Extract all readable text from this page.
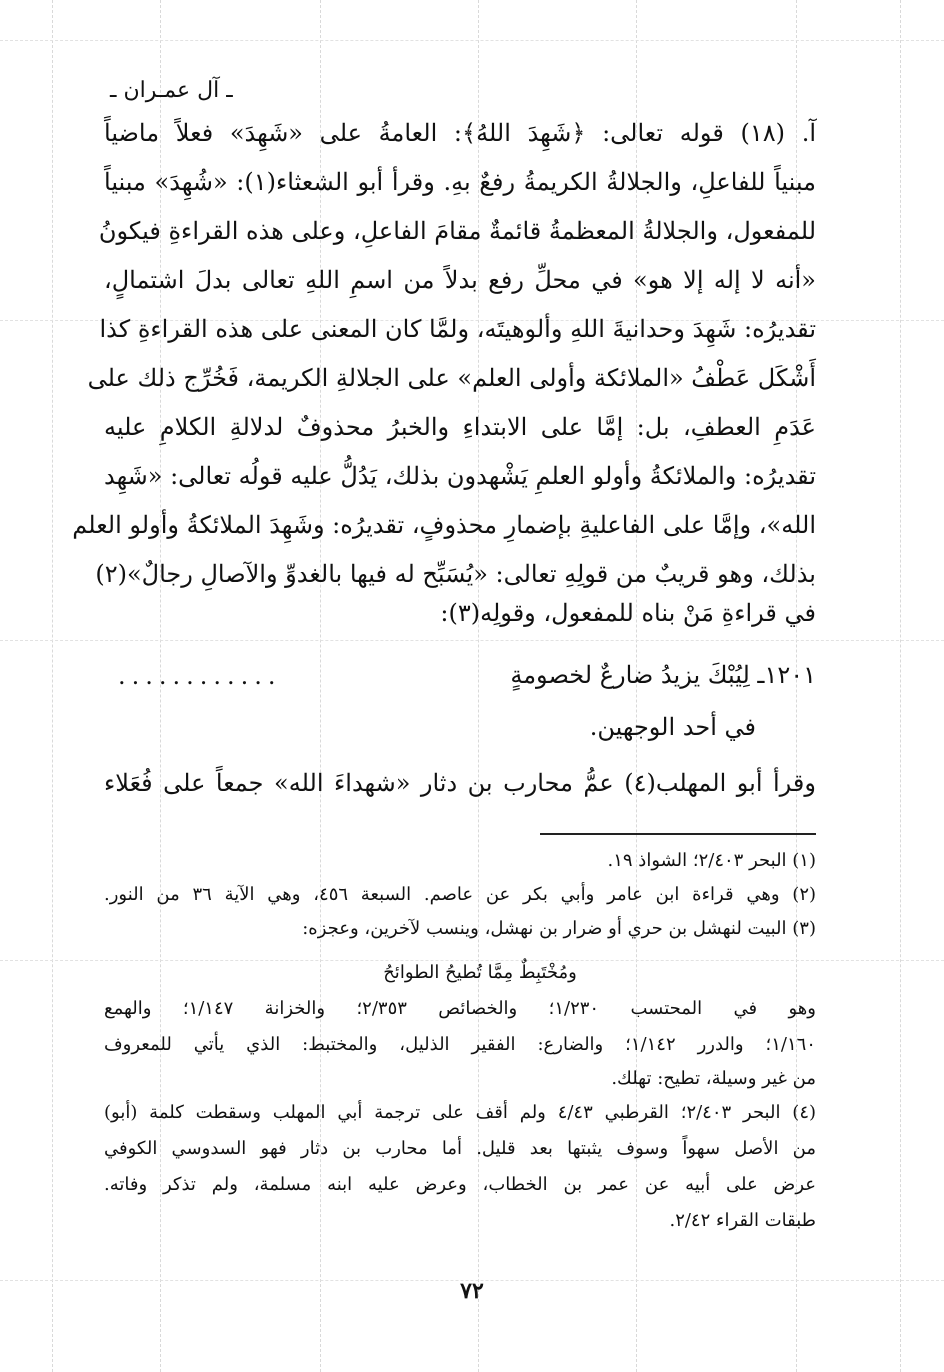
ـ آل عمـران ـ
آ. (١٨) قوله تعالى: ﴿شَهِدَ اللهُ﴾: العامةُ على «شَهِدَ» فعلاً ماضياً
مبنياً للفاعلِ، والجلالةُ الكريمةُ رفعٌ بهِ. وقرأ أبو الشعثاء(١): «شُهِدَ» مبنياً
للمفعول، والجلالةُ المعظمةُ قائمةٌ مقامَ الفاعلِ، وعلى هذه القراءةِ فيكونُ
«أنه لا إله إلا هو» في محلِّ رفع بدلاً من اسمِ اللهِ تعالى بدلَ اشتمالٍ،
تقديرُه: شَهِدَ وحدانيةَ اللهِ وألوهيتَه، ولمَّا كان المعنى على هذه القراءةِ كذا
أَشْكَل عَطْفُ «الملائكة وأولى العلم» على الجلالةِ الكريمة، فَخُرِّج ذلك على
عَدَمِ العطفِ، بل: إمَّا على الابتداءِ والخبرُ محذوفٌ لدلالةِ الكلامِ عليه
تقديرُه: والملائكةُ وأولو العلمِ يَشْهدون بذلك، يَدُلُّ عليه قولُه تعالى: «شَهِد
الله»، وإمَّا على الفاعليةِ بإضمارِ محذوفٍ، تقديرُه: وشَهِدَ الملائكةُ وأولو العلم
بذلك، وهو قريبٌ من قولِهِ تعالى: «يُسَبِّح له فيها بالغدوِّ والآصالِ رجالٌ»(٢)
في قراءةِ مَنْ بناه للمفعول، وقولِه(٣):
١٢٠١ـ لِيُبْكَ يزيدُ ضارعٌ لخصومةٍ
............
في أحد الوجهين.
وقرأ أبو المهلب(٤) عمُّ محارب بن دثار «شهداءَ الله» جمعاً على فُعَلاء
(١) البحر ٢/٤٠٣؛ الشواذ ١٩.
(٢) وهي قراءة ابن عامر وأبي بكر عن عاصم. السبعة ٤٥٦، وهي الآية ٣٦ من النور.
(٣) البيت لنهشل بن حري أو ضرار بن نهشل، وينسب لآخرين، وعجزه:
ومُخْتَبِطٌ مِمَّا تُطيحُ الطوائحُ
وهو في المحتسب ١/٢٣٠؛ والخصائص ٢/٣٥٣؛ والخزانة ١/١٤٧؛ والهمع
١/١٦٠؛ والدرر ١/١٤٢؛ والضارع: الفقير الذليل، والمختبط: الذي يأتي للمعروف
من غير وسيلة، تطيح: تهلك.
(٤) البحر ٢/٤٠٣؛ القرطبي ٤/٤٣ ولم أقف على ترجمة أبي المهلب وسقطت كلمة (أبو)
من الأصل سهواً وسوف يثبتها بعد قليل. أما محارب بن دثار فهو السدوسي الكوفي
عرض على أبيه عن عمر بن الخطاب، وعرض عليه ابنه مسلمة، ولم تذكر وفاته.
طبقات القراء ٢/٤٢.
٧٢
